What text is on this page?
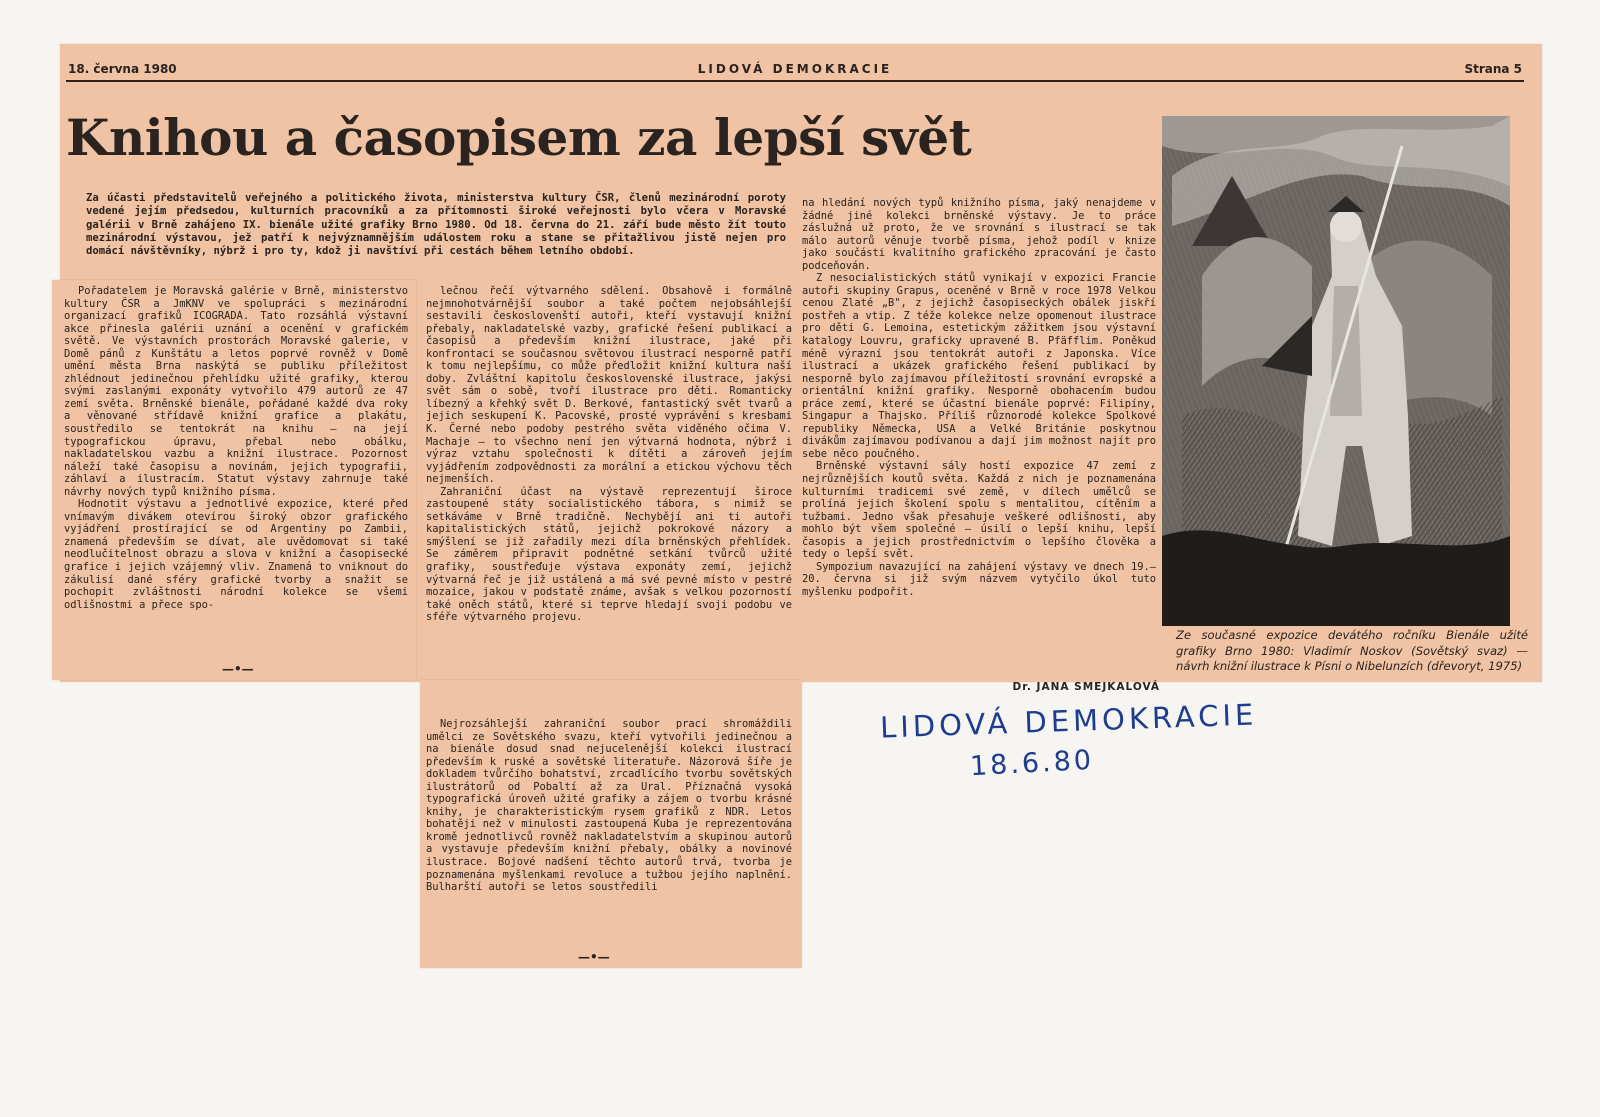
18. června 1980	LIDOVÁ DEMOKRACIE	Strana 5
Knihou a časopisem za lepší svět
Za účasti představitelů veřejného a politického života, ministerstva kultury ČSR, členů mezinárodní poroty vedené jejím předsedou, kulturních pracovníků a za přítomnosti široké veřejnosti bylo včera v Moravské galérii v Brně zahájeno IX. bienále užité grafiky Brno 1980. Od 18. června do 21. září bude město žít touto mezinárodní výstavou, jež patří k nejvýznamnějším událostem roku a stane se přitažlivou jistě nejen pro domácí návštěvníky, nýbrž i pro ty, kdož ji navštíví při cestách během letního období.

Pořadatelem je Moravská galérie v Brně, ministerstvo kultury ČSR a JmKNV ve spolupráci s mezinárodní organizací grafiků ICOGRADA. Tato rozsáhlá výstavní akce přinesla galérii uznání a ocenění v grafickém světě. Ve výstavních prostorách Moravské galerie, v Domě pánů z Kunštátu a letos poprvé rovněž v Domě umění města Brna naskýtá se publiku příležitost zhlédnout jedinečnou přehlídku užité grafiky, kterou svými zaslanými exponáty vytvořilo 479 autorů ze 47 zemí světa. Brněnské bienále, pořádané každé dva roky a věnované střídavě knižní grafice a plakátu, soustředilo se tentokrát na knihu — na její typografickou úpravu, přebal nebo obálku, nakladatelskou vazbu a knižní ilustrace. Pozornost náleží také časopisu a novinám, jejich typografii, záhlaví a ilustracím. Statut výstavy zahrnuje také návrhy nových typů knižního písma.

Hodnotit výstavu a jednotlivé expozice, které před vnímavým divákem otevírou široký obzor grafického vyjádření prostírající se od Argentiny po Zambii, znamená především se dívat, ale uvědomovat si také neodlučitelnost obrazu a slova v knižní a časopisecké grafice i jejich vzájemný vliv. Znamená to vniknout do zákulisí dané sféry grafické tvorby a snažit se pochopit zvláštnosti národní kolekce se všemi odlišnostmi a přece spo-

—•—

lečnou řečí výtvarného sdělení. Obsahově i formálně nejmnohotvárnější soubor a také počtem nejobsáhlejší sestavili českoslovenští autoři, kteří vystavují knižní přebaly, nakladatelské vazby, grafické řešení publikací a časopisů a především knižní ilustrace, jaké při konfrontaci se současnou světovou ilustrací nesporně patří k tomu nejlepšímu, co může předložit knižní kultura naší doby. Zvláštní kapitolu československé ilustrace, jakýsi svět sám o sobě, tvoří ilustrace pro děti. Romanticky líbezný a křehký svět D. Berkové, fantastický svět tvarů a jejich seskupení K. Pacovské, prosté vyprávění s kresbami K. Černé nebo podoby pestrého světa viděného očima V. Machaje — to všechno není jen výtvarná hodnota, nýbrž i výraz vztahu společnosti k dítěti a zároveň jejím vyjádřením zodpovědnosti za morální a etickou výchovu těch nejmenších.

Zahraniční účast na výstavě reprezentují široce zastoupené státy socialistického tábora, s nimiž se setkáváme v Brně tradičně. Nechybějí ani ti autoři kapitalistických států, jejichž pokrokové názory a smýšlení se již zařadily mezi díla brněnských přehlídek. Se záměrem připravit podnětné setkání tvůrců užité grafiky, soustřeďuje výstava exponáty zemí, jejichž výtvarná řeč je již ustálená a má své pevné místo v pestré mozaice, jakou v podstatě známe, avšak s velkou pozorností také oněch států, které si teprve hledají svoji podobu ve sféře výtvarného projevu.

Nejrozsáhlejší zahraniční soubor prací shromáždili umělci ze Sovětského svazu, kteří vytvořili jedinečnou a na bienále dosud snad nejucelenější kolekci ilustrací především k ruské a sovětské literatuře. Názorová šíře je dokladem tvůrčího bohatství, zrcadlícího tvorbu sovětských ilustrátorů od Pobaltí až za Ural. Příznačná vysoká typografická úroveň užité grafiky a zájem o tvorbu krásné knihy, je charakteristickým rysem grafiků z NDR. Letos bohatěji než v minulosti zastoupená Kuba je reprezentována kromě jednotlivců rovněž nakladatelstvím a skupinou autorů a vystavuje především knižní přebaly, obálky a novinové ilustrace. Bojové nadšení těchto autorů trvá, tvorba je poznamenána myšlenkami revoluce a tužbou jejího naplnění. Bulharští autoři se letos soustředili

—•—

na hledání nových typů knižního písma, jaký nenajdeme v žádné jiné kolekci brněnské výstavy. Je to práce záslužná už proto, že ve srovnání s ilustrací se tak málo autorů věnuje tvorbě písma, jehož podíl v knize jako součásti kvalitního grafického zpracování je často podceňován.

Z nesocialistických států vynikají v expozici Francie autoři skupiny Grapus, oceněné v Brně v roce 1978 Velkou cenou Zlaté „B", z jejichž časopiseckých obálek jiskří postřeh a vtip. Z téže kolekce nelze opomenout ilustrace pro děti G. Lemoina, estetickým zážitkem jsou výstavní katalogy Louvru, graficky upravené B. Pfäfflim. Poněkud méně výrazní jsou tentokrát autoři z Japonska. Více ilustrací a ukázek grafického řešení publikací by nesporně bylo zajímavou příležitostí srovnání evropské a orientální knižní grafiky. Nesporně obohacením budou práce zemí, které se účastní bienále poprvé: Filipíny, Singapur a Thajsko. Příliš různorodé kolekce Spolkové republiky Německa, USA a Velké Británie poskytnou divákům zajímavou podívanou a dají jim možnost najít pro sebe něco poučného.

Brněnské výstavní sály hostí expozice 47 zemí z nejrůznějších koutů světa. Každá z nich je poznamenána kulturními tradicemi své země, v dílech umělců se prolíná jejich školení spolu s mentalitou, cítěním a tužbami. Jedno však přesahuje veškeré odlišnosti, aby mohlo být všem společné — úsilí o lepší knihu, lepší časopis a jejich prostřednictvím o lepšího člověka a tedy o lepší svět.

Sympozium navazující na zahájení výstavy ve dnech 19.—20. června si již svým názvem vytyčilo úkol tuto myšlenku podpořit.

Dr. JANA SMEJKALOVÁ
Ze současné expozice devátého ročníku Bienále užité grafiky Brno 1980: Vladimír Noskov (Sovětský svaz) — návrh knižní ilustrace k Písni o Nibelunzích (dřevoryt, 1975)
LIDOVÁ DEMOKRACIE
18.6.80
